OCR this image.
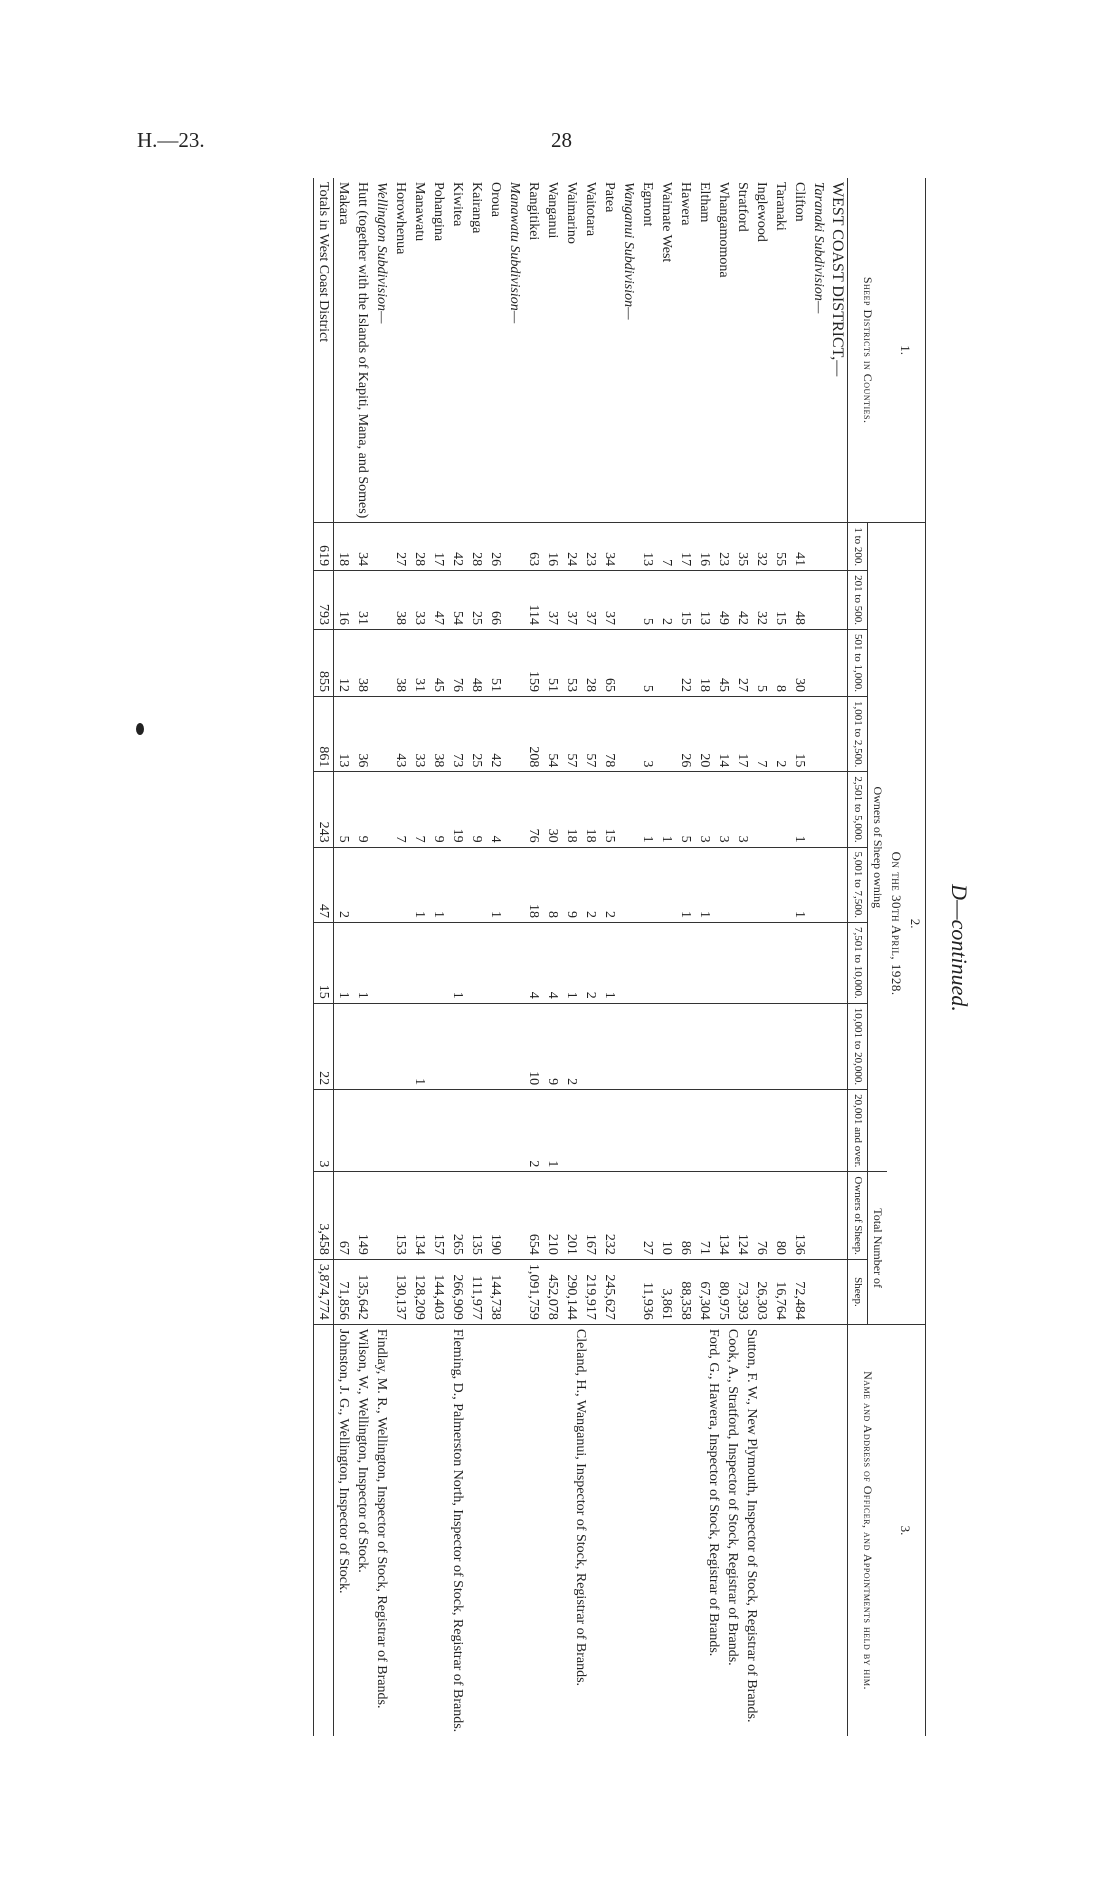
H.—23.	28
D—continued.
1.	2.
On the 30th April, 1928.											3.
Sheep Districts in Counties.	Owners of Sheep owning									Total Number of		Name and Address of Officer, and Appointments held by him.
	1 to 200.	201 to 500.	501 to 1,000.	1,001 to 2,500.	2,501 to 5,000.	5,001 to 7,500.	7,501 to 10,000.	10,001 to 20,000.	20,001 and over.	Owners of Sheep.	Sheep.	
WEST COAST DISTRICT,—												
Taranaki Subdivision—												Sutton, F. W., New Plymouth, Inspector of Stock, Registrar of Brands.
Cook, A., Stratford, Inspector of Stock, Registrar of Brands.
Ford, G., Hawera, Inspector of Stock, Registrar of Brands.

Clifton	41	48	30	15	1	1				136	72,484	
Taranaki	55	15	8	2						80	16,764	
Inglewood	32	32	5	7						76	26,303	
Stratford	35	42	27	17	3					124	73,393	
Whangamomona	23	49	45	14	3					134	80,975	
Eltham	16	13	18	20	3	1				71	67,304	
Hawera	17	15	22	26	5	1				86	88,358	
Waimate West	7	2			1					10	3,861	
Egmont	13	5	5	3	1					27	11,936	
Wanganui Subdivision—												Cleland, H., Wanganui, Inspector of Stock, Registrar of Brands.

Patea	34	37	65	78	15	2	1			232	245,627	
Waitotara	23	37	28	57	18	2	2			167	219,917	
Waimarino	24	37	53	57	18	9	1	2		201	290,144	
Wanganui	16	37	51	54	30	8	4	9	1	210	452,078	
Rangitikei	63	114	159	208	76	18	4	10	2	654	1,091,759	
Manawatu Subdivision—												Fleming, D., Palmerston North, Inspector of Stock, Registrar of Brands.

Oroua	26	66	51	42	4	1				190	144,738	
Kairanga	28	25	48	25	9					135	111,977	
Kiwitea	42	54	76	73	19		1			265	266,909	
Pohangina	17	47	45	38	9	1				157	144,403	
Manawatu	28	33	31	33	7	1		1		134	128,209	
Horowhenua	27	38	38	43	7					153	130,137	
Wellington Subdivision—												Findlay, M. R., Wellington, Inspector of Stock, Registrar of Brands.
Wilson, W., Wellington, Inspector of Stock.
Johnston, J. G., Wellington, Inspector of Stock.

Hutt (together with the Islands of Kapiti, Mana, and Somes)	34	31	38	36	9		1			149	135,642	
Makara	18	16	12	13	5	2	1			67	71,856	
Totals in West Coast District	619	793	855	861	243	47	15	22	3	3,458	3,874,774	
